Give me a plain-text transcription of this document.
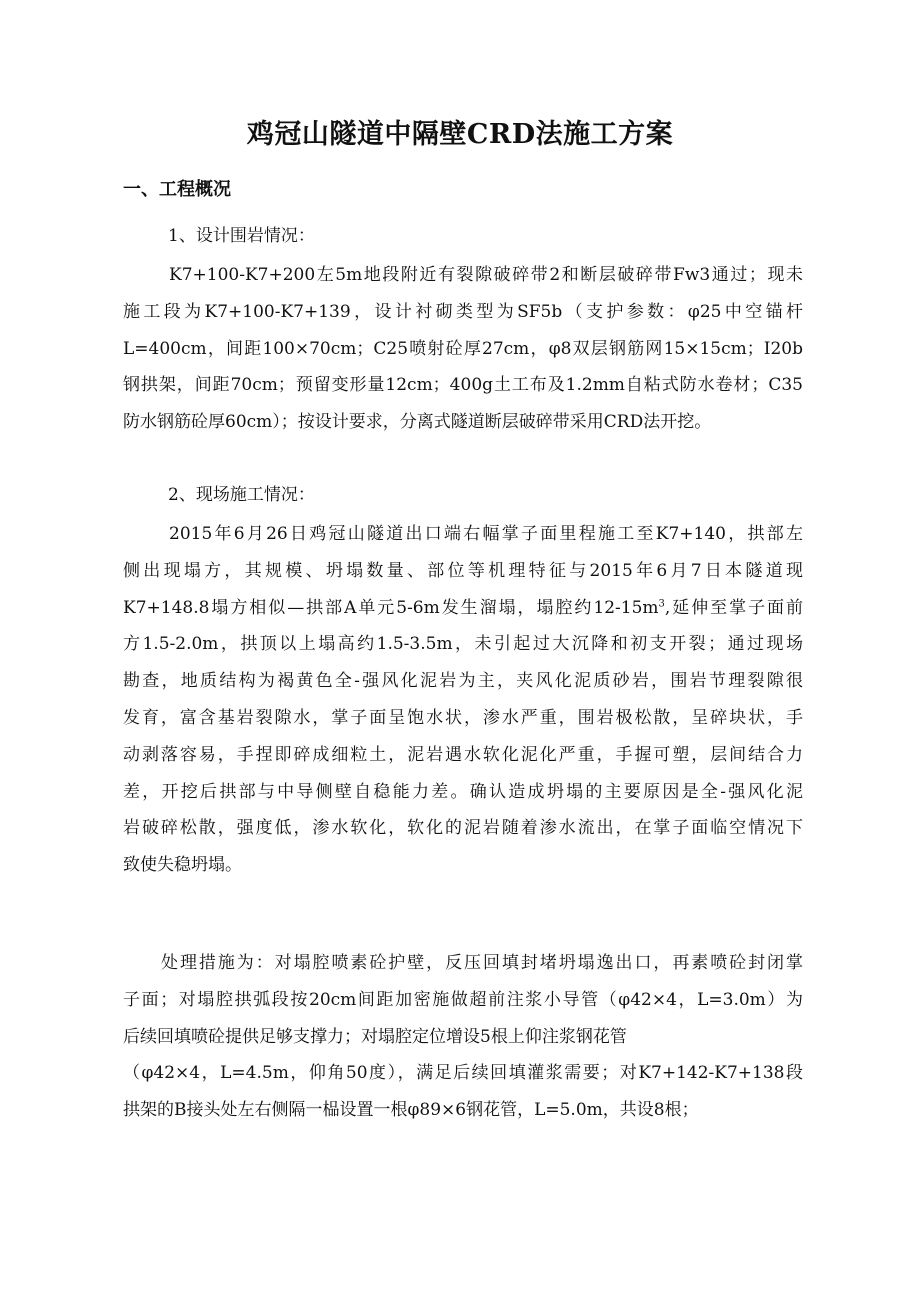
鸡冠山隧道中隔壁CRD法施工方案
一、工程概况

1、设计围岩情况：

K7+100-K7+200左5m地段附近有裂隙破碎带2和断层破碎带Fw3通过；现未
施工段为K7+100-K7+139，设计衬砌类型为SF5b（支护参数：φ25中空锚杆
L=400cm，间距100×70cm；C25喷射砼厚27cm，φ8双层钢筋网15×15cm；I20b
钢拱架，间距70cm；预留变形量12cm；400g土工布及1.2mm自粘式防水卷材；C35
防水钢筋砼厚60cm）；按设计要求，分离式隧道断层破碎带采用CRD法开挖。

2、现场施工情况：

2015年6月26日鸡冠山隧道出口端右幅掌子面里程施工至K7+140，拱部左
侧出现塌方，其规模、坍塌数量、部位等机理特征与2015年6月7日本隧道现
K7+148.8塌方相似—拱部A单元5-6m发生溜塌，塌腔约$12-15m^3$,延伸至掌子面前
方1.5-2.0m，拱顶以上塌高约1.5-3.5m，未引起过大沉降和初支开裂；通过现场
勘查，地质结构为褐黄色全-强风化泥岩为主，夹风化泥质砂岩，围岩节理裂隙很
发育，富含基岩裂隙水，掌子面呈饱水状，渗水严重，围岩极松散，呈碎块状，手
动剥落容易，手捏即碎成细粒土，泥岩遇水软化泥化严重，手握可塑，层间结合力
差，开挖后拱部与中导侧壁自稳能力差。确认造成坍塌的主要原因是全-强风化泥
岩破碎松散，强度低，渗水软化，软化的泥岩随着渗水流出，在掌子面临空情况下
致使失稳坍塌。
处理措施为：对塌腔喷素砼护壁，反压回填封堵坍塌逸出口，再素喷砼封闭掌
子面；对塌腔拱弧段按20cm间距加密施做超前注浆小导管（φ42×4，L=3.0m）为
后续回填喷砼提供足够支撑力；对塌腔定位增设5根上仰注浆钢花管
（φ42×4，L=4.5m，仰角50度），满足后续回填灌浆需要；对K7+142-K7+138段
拱架的B接头处左右侧隔一榀设置一根φ89×6钢花管，L=5.0m，共设8根；
